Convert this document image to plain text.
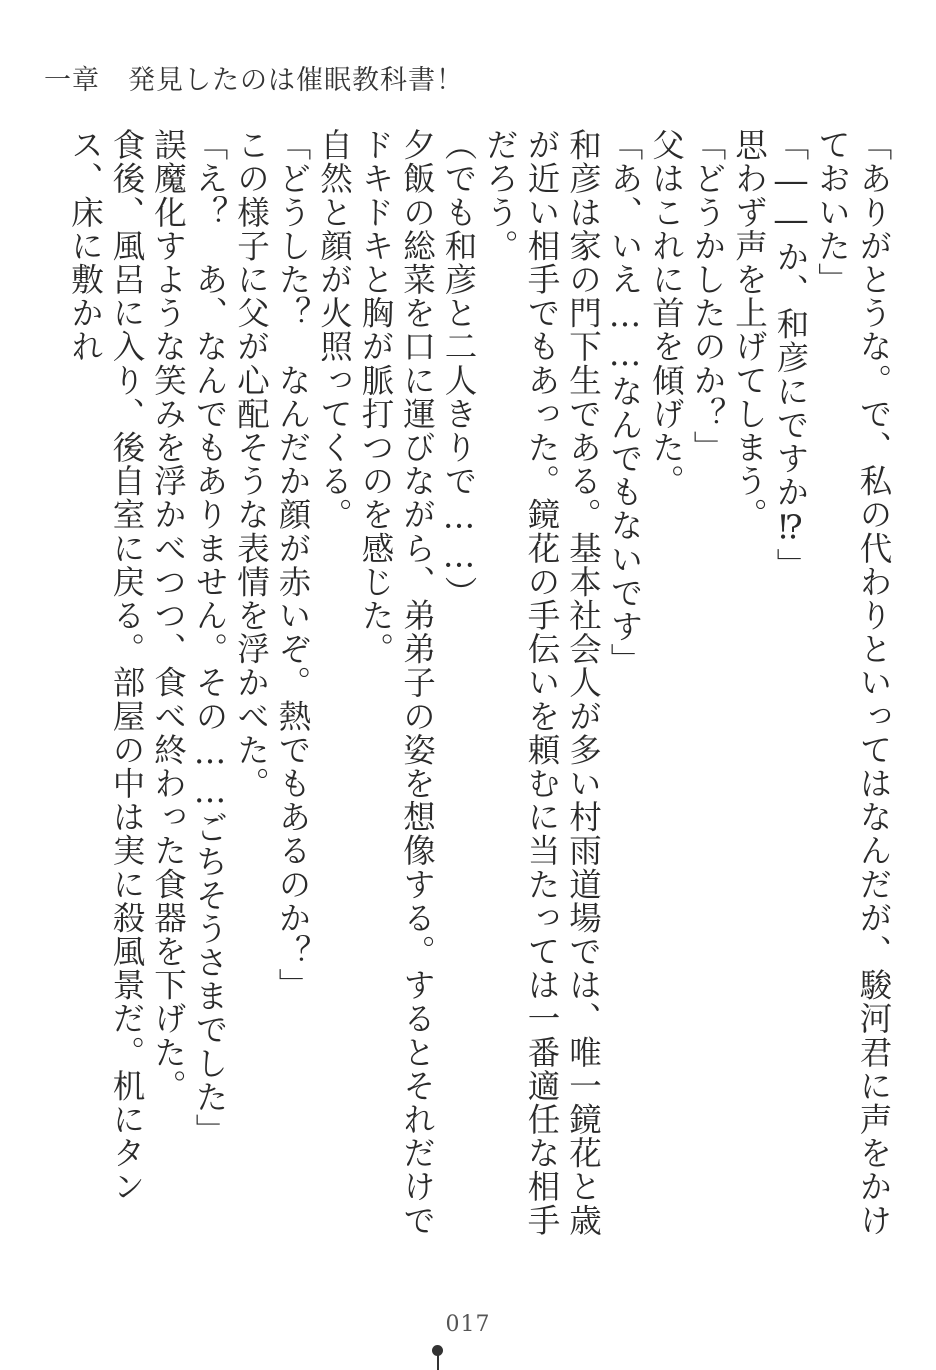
一章　発見したのは催眠教科書！

「ありがとうな。で、私の代わりといってはなんだが、駿河君に声をかけておいた」

「――か、和彦にですか⁉」

思わず声を上げてしまう。

「どうかしたのか？」

父はこれに首を傾げた。

「あ、いえ……なんでもないです」

和彦は家の門下生である。基本社会人が多い村雨道場では、唯一鏡花と歳が近い相手でもあった。鏡花の手伝いを頼むに当たっては一番適任な相手だろう。

（でも和彦と二人きりで……）

夕飯の総菜を口に運びながら、弟弟子の姿を想像する。するとそれだけでドキドキと胸が脈打つのを感じた。

自然と顔が火照ってくる。

「どうした？　なんだか顔が赤いぞ。熱でもあるのか？」

この様子に父が心配そうな表情を浮かべた。

「え？　あ、なんでもありません。その……ごちそうさまでした」

誤魔化すような笑みを浮かべつつ、食べ終わった食器を下げた。

食後、風呂に入り、後自室に戻る。部屋の中は実に殺風景だ。机にタンス、床に敷かれ

017
